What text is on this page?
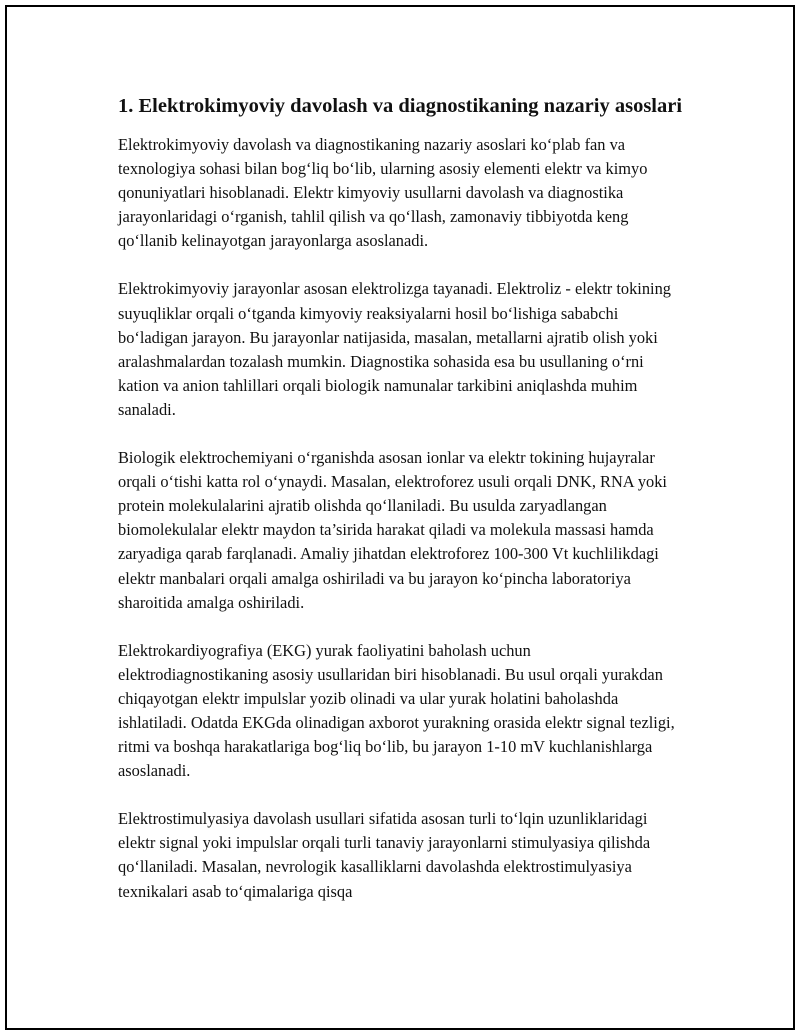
1. Elektrokimyoviy davolash va diagnostikaning nazariy asoslari

Elektrokimyoviy davolash va diagnostikaning nazariy asoslari ko‘plab fan va texnologiya sohasi bilan bog‘liq bo‘lib, ularning asosiy elementi elektr va kimyo qonuniyatlari hisoblanadi. Elektr kimyoviy usullarni davolash va diagnostika jarayonlaridagi o‘rganish, tahlil qilish va qo‘llash, zamonaviy tibbiyotda keng qo‘llanib kelinayotgan jarayonlarga asoslanadi.

Elektrokimyoviy jarayonlar asosan elektrolizga tayanadi. Elektroliz - elektr tokining suyuqliklar orqali o‘tganda kimyoviy reaksiyalarni hosil bo‘lishiga sababchi bo‘ladigan jarayon. Bu jarayonlar natijasida, masalan, metallarni ajratib olish yoki aralashmalardan tozalash mumkin. Diagnostika sohasida esa bu usullaning o‘rni kation va anion tahlillari orqali biologik namunalar tarkibini aniqlashda muhim sanaladi.

Biologik elektrochemiyani o‘rganishda asosan ionlar va elektr tokining hujayralar orqali o‘tishi katta rol o‘ynaydi. Masalan, elektroforez usuli orqali DNK, RNA yoki protein molekulalarini ajratib olishda qo‘llaniladi. Bu usulda zaryadlangan biomolekulalar elektr maydon ta’sirida harakat qiladi va molekula massasi hamda zaryadiga qarab farqlanadi. Amaliy jihatdan elektroforez 100-300 Vt kuchlilikdagi elektr manbalari orqali amalga oshiriladi va bu jarayon ko‘pincha laboratoriya sharoitida amalga oshiriladi.

Elektrokardiyografiya (EKG) yurak faoliyatini baholash uchun elektrodiagnostikaning asosiy usullaridan biri hisoblanadi. Bu usul orqali yurakdan chiqayotgan elektr impulslar yozib olinadi va ular yurak holatini baholashda ishlatiladi. Odatda EKGda olinadigan axborot yurakning orasida elektr signal tezligi, ritmi va boshqa harakatlariga bog‘liq bo‘lib, bu jarayon 1-10 mV kuchlanishlarga asoslanadi.

Elektrostimulyasiya davolash usullari sifatida asosan turli to‘lqin uzunliklaridagi elektr signal yoki impulslar orqali turli tanaviy jarayonlarni stimulyasiya qilishda qo‘llaniladi. Masalan, nevrologik kasalliklarni davolashda elektrostimulyasiya texnikalari asab to‘qimalariga qisqa
